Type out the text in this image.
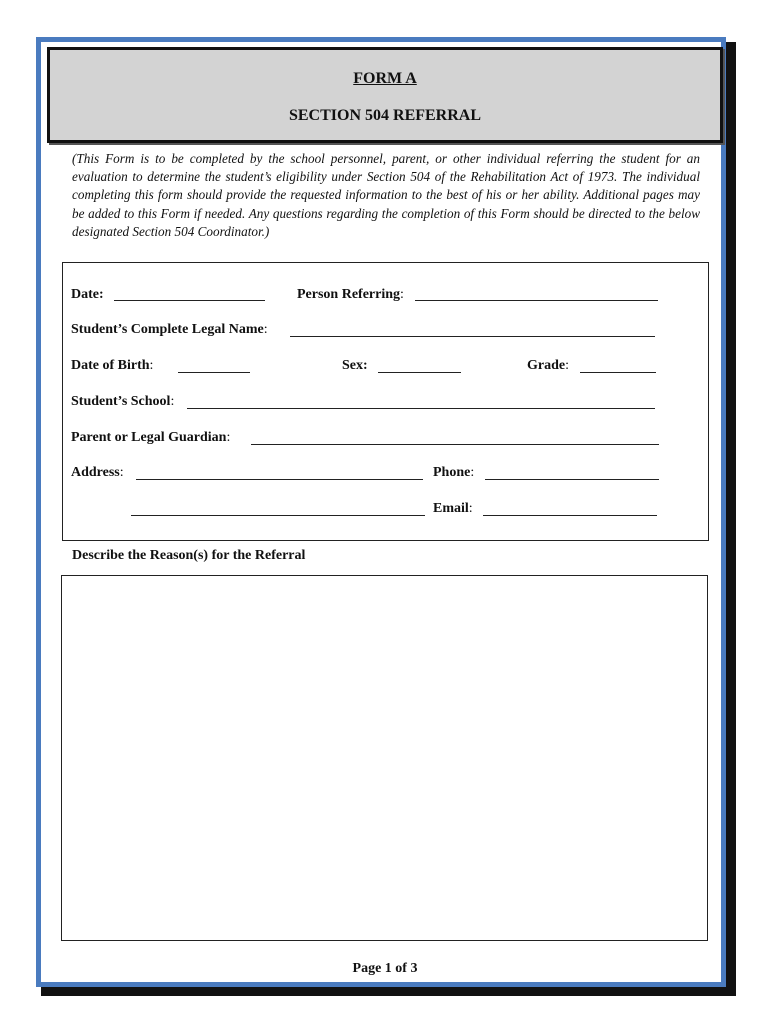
FORM A
SECTION 504 REFERRAL
(This Form is to be completed by the school personnel, parent, or other individual referring the student for an evaluation to determine the student’s eligibility under Section 504 of the Rehabilitation Act of 1973. The individual completing this form should provide the requested information to the best of his or her ability. Additional pages may be added to this Form if needed. Any questions regarding the completion of this Form should be directed to the below designated Section 504 Coordinator.)
Date:	Person Referring:
Student’s Complete Legal Name:
Date of Birth:	Sex:	Grade:
Student’s School:
Parent or Legal Guardian:
Address:	Phone:
Email:
Describe the Reason(s) for the Referral
Page 1 of 3
